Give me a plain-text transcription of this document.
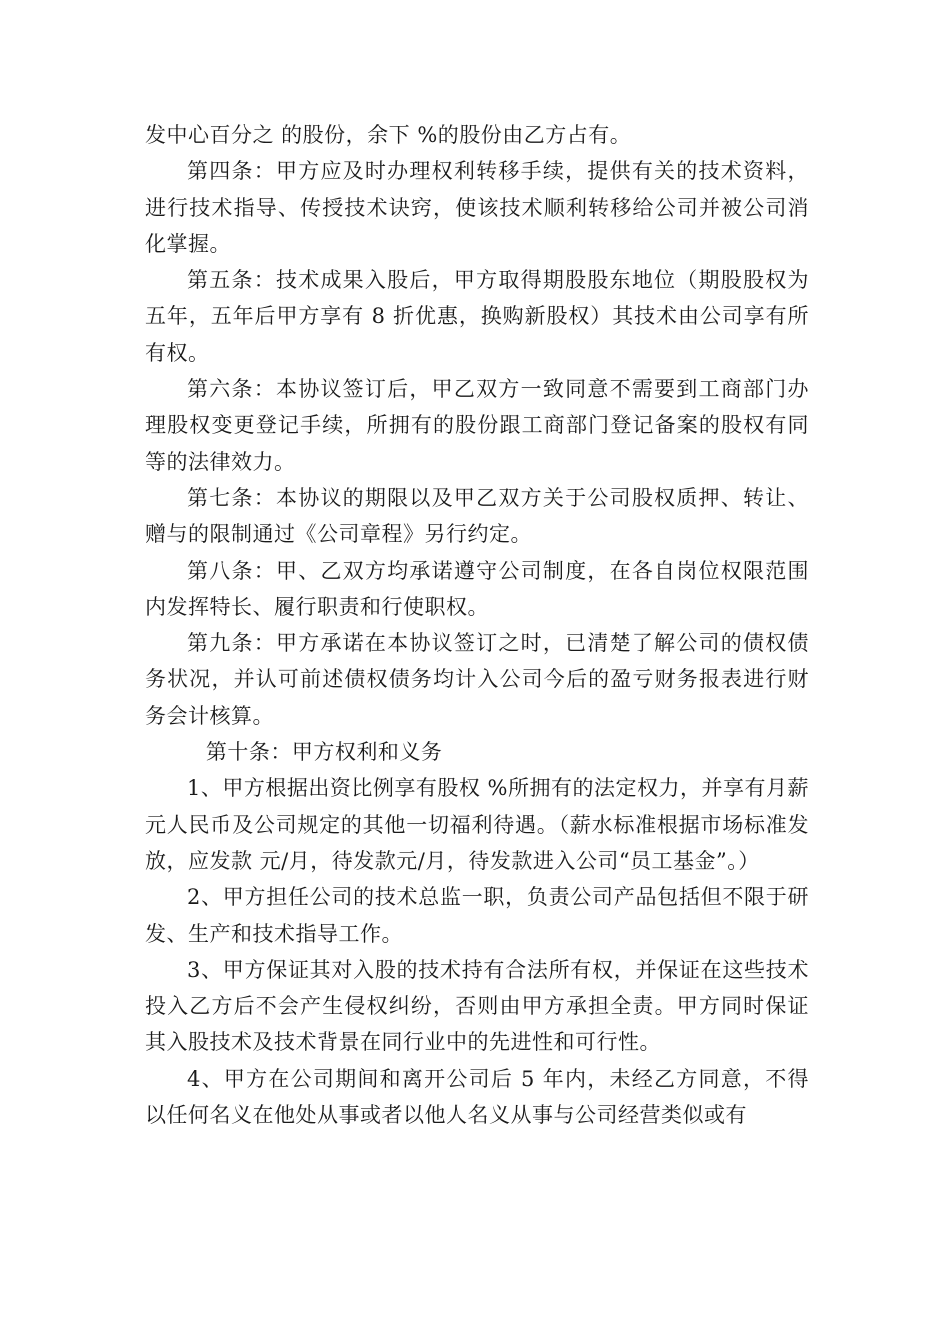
发中心百分之 的股份，余下 %的股份由乙方占有。

第四条：甲方应及时办理权利转移手续，提供有关的技术资料，进行技术指导、传授技术诀窍，使该技术顺利转移给公司并被公司消化掌握。

第五条：技术成果入股后，甲方取得期股股东地位（期股股权为五年，五年后甲方享有 8 折优惠，换购新股权）其技术由公司享有所有权。

第六条：本协议签订后，甲乙双方一致同意不需要到工商部门办理股权变更登记手续，所拥有的股份跟工商部门登记备案的股权有同等的法律效力。

第七条：本协议的期限以及甲乙双方关于公司股权质押、转让、赠与的限制通过《公司章程》另行约定。

第八条：甲、乙双方均承诺遵守公司制度，在各自岗位权限范围内发挥特长、履行职责和行使职权。

第九条：甲方承诺在本协议签订之时，已清楚了解公司的债权债务状况，并认可前述债权债务均计入公司今后的盈亏财务报表进行财务会计核算。

第十条：甲方权利和义务

1、甲方根据出资比例享有股权 %所拥有的法定权力，并享有月薪元人民币及公司规定的其他一切福利待遇。（薪水标准根据市场标准发放，应发款 元/月，待发款元/月，待发款进入公司“员工基金”。）

2、甲方担任公司的技术总监一职，负责公司产品包括但不限于研发、生产和技术指导工作。

3、甲方保证其对入股的技术持有合法所有权，并保证在这些技术投入乙方后不会产生侵权纠纷，否则由甲方承担全责。甲方同时保证其入股技术及技术背景在同行业中的先进性和可行性。

4、甲方在公司期间和离开公司后 5 年内，未经乙方同意，不得以任何名义在他处从事或者以他人名义从事与公司经营类似或有
